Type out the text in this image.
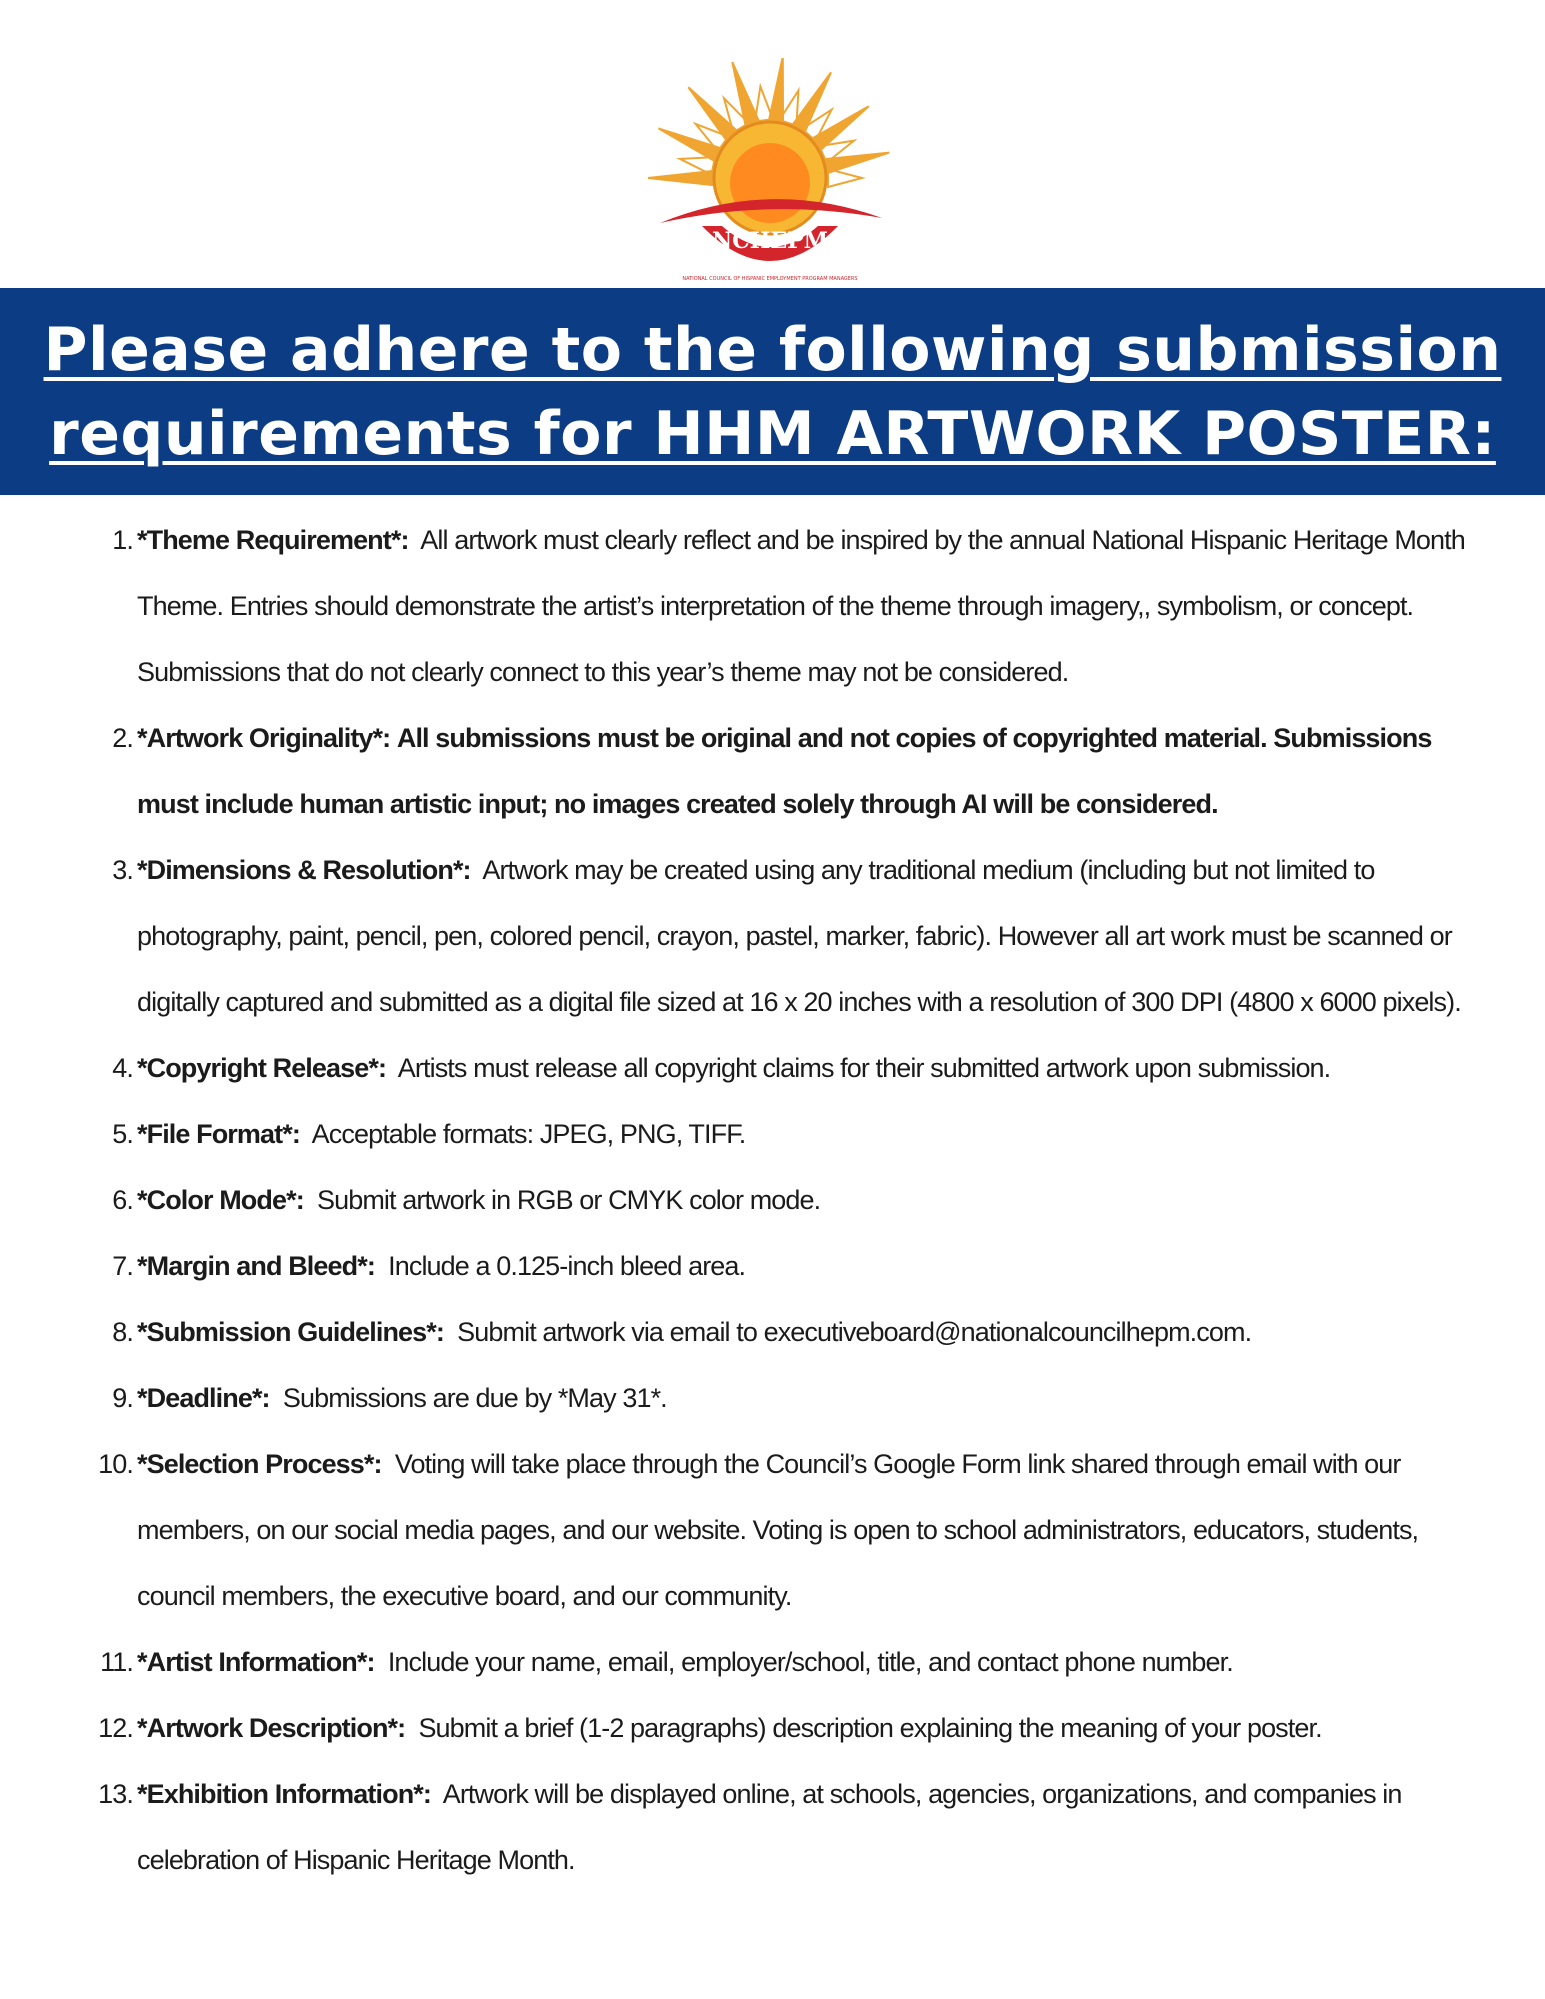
NCHEPM
NATIONAL COUNCIL OF HISPANIC EMPLOYMENT PROGRAM MANAGERS
Please adhere to the following submission
requirements for HHM ARTWORK POSTER:
1. *Theme Requirement*: All artwork must clearly reflect and be inspired by the annual National Hispanic Heritage Month Theme. Entries should demonstrate the artist’s interpretation of the theme through imagery,, symbolism, or concept. Submissions that do not clearly connect to this year’s theme may not be considered.
2. *Artwork Originality*: All submissions must be original and not copies of copyrighted material. Submissions must include human artistic input; no images created solely through AI will be considered.
3. *Dimensions & Resolution*: Artwork may be created using any traditional medium (including but not limited to photography, paint, pencil, pen, colored pencil, crayon, pastel, marker, fabric). However all art work must be scanned or digitally captured and submitted as a digital file sized at 16 x 20 inches with a resolution of 300 DPI (4800 x 6000 pixels).
4. *Copyright Release*: Artists must release all copyright claims for their submitted artwork upon submission.
5. *File Format*: Acceptable formats: JPEG, PNG, TIFF.
6. *Color Mode*: Submit artwork in RGB or CMYK color mode.
7. *Margin and Bleed*: Include a 0.125-inch bleed area.
8. *Submission Guidelines*: Submit artwork via email to executiveboard@nationalcouncilhepm.com.
9. *Deadline*: Submissions are due by *May 31*.
10. *Selection Process*: Voting will take place through the Council’s Google Form link shared through email with our members, on our social media pages, and our website. Voting is open to school administrators, educators, students, council members, the executive board, and our community.
11. *Artist Information*: Include your name, email, employer/school, title, and contact phone number.
12. *Artwork Description*: Submit a brief (1-2 paragraphs) description explaining the meaning of your poster.
13. *Exhibition Information*: Artwork will be displayed online, at schools, agencies, organizations, and companies in celebration of Hispanic Heritage Month.
